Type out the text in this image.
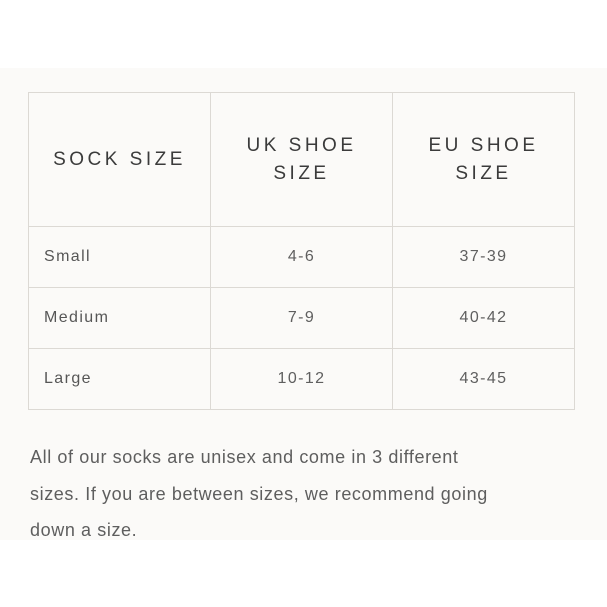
SOCK SIZE	UK SHOE SIZE	EU SHOE SIZE
Small	4-6	37-39
Medium	7-9	40-42
Large	10-12	43-45
All of our socks are unisex and come in 3 different
sizes. If you are between sizes, we recommend going
down a size.
